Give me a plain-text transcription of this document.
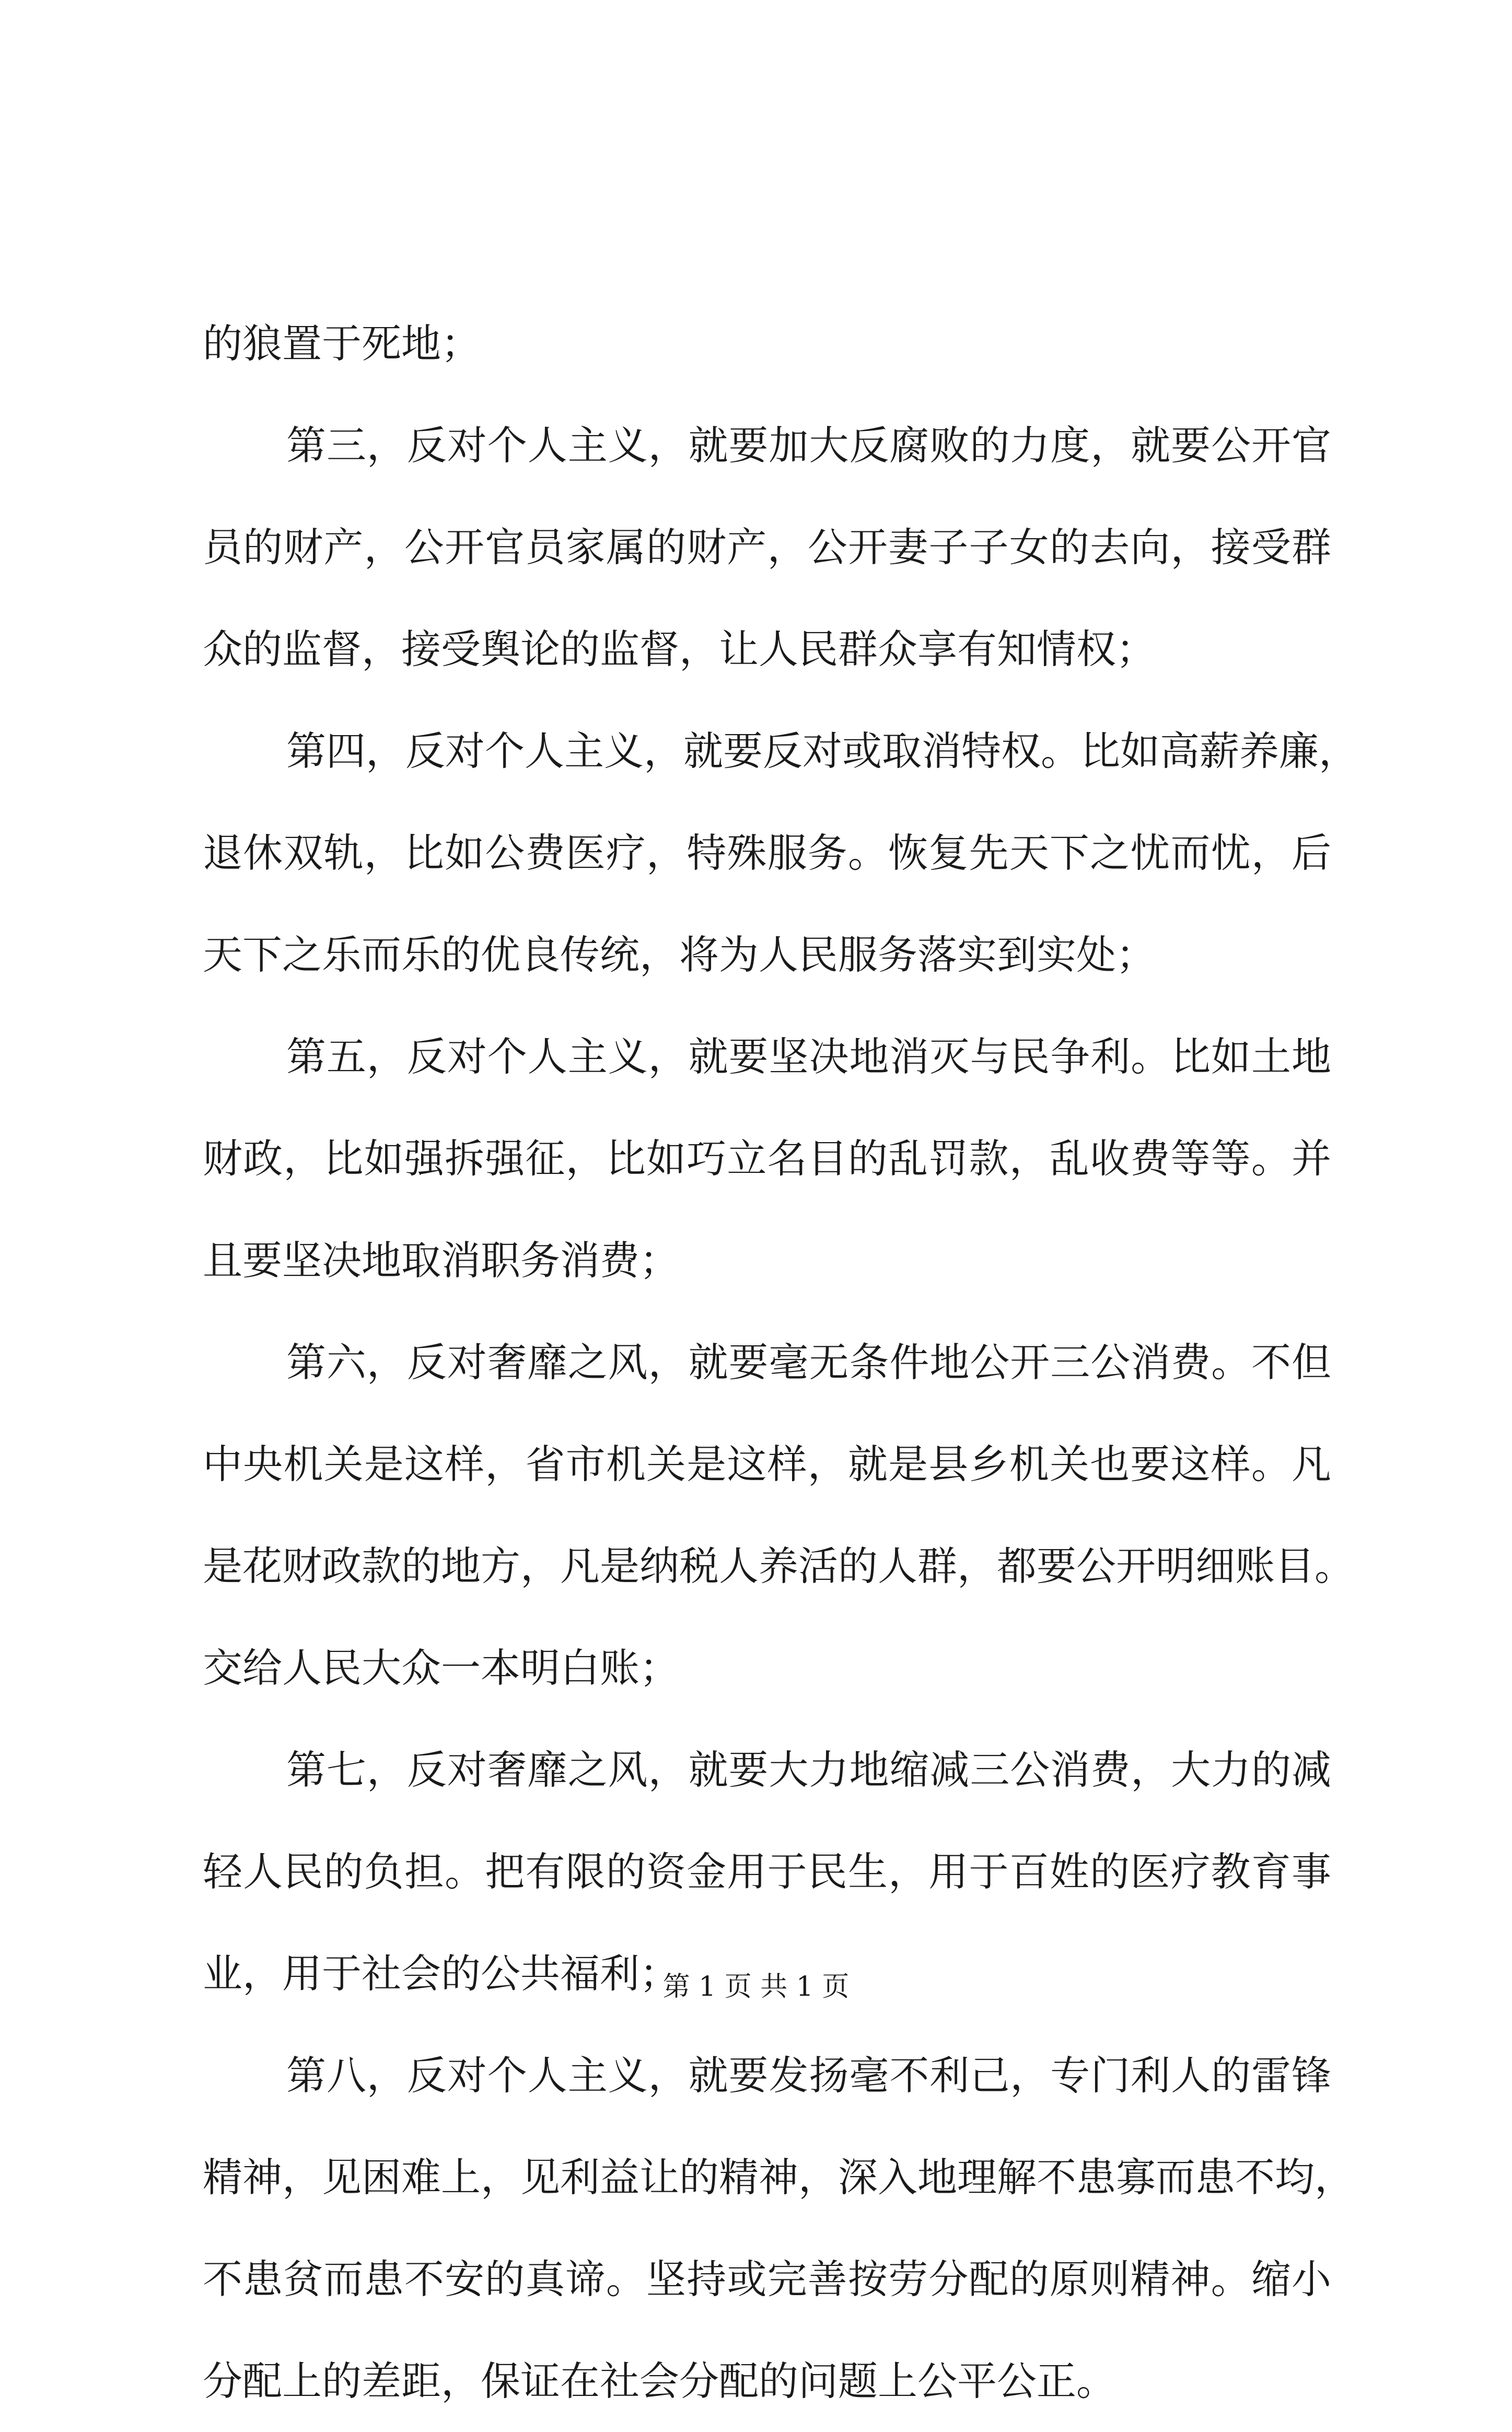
的狼置于死地；
第三，反对个人主义，就要加大反腐败的力度，就要公开官
员的财产，公开官员家属的财产，公开妻子子女的去向，接受群
众的监督，接受舆论的监督，让人民群众享有知情权；
第四，反对个人主义，就要反对或取消特权。比如高薪养廉，
退休双轨，比如公费医疗，特殊服务。恢复先天下之忧而忧，后
天下之乐而乐的优良传统，将为人民服务落实到实处；
第五，反对个人主义，就要坚决地消灭与民争利。比如土地
财政，比如强拆强征，比如巧立名目的乱罚款，乱收费等等。并
且要坚决地取消职务消费；
第六，反对奢靡之风，就要毫无条件地公开三公消费。不但
中央机关是这样，省市机关是这样，就是县乡机关也要这样。凡
是花财政款的地方，凡是纳税人养活的人群，都要公开明细账目。
交给人民大众一本明白账；
第七，反对奢靡之风，就要大力地缩减三公消费，大力的减
轻人民的负担。把有限的资金用于民生，用于百姓的医疗教育事
业，用于社会的公共福利；
第八，反对个人主义，就要发扬毫不利己，专门利人的雷锋
精神，见困难上，见利益让的精神，深入地理解不患寡而患不均，
不患贫而患不安的真谛。坚持或完善按劳分配的原则精神。缩小
分配上的差距，保证在社会分配的问题上公平公正。
第 1 页 共 1 页
